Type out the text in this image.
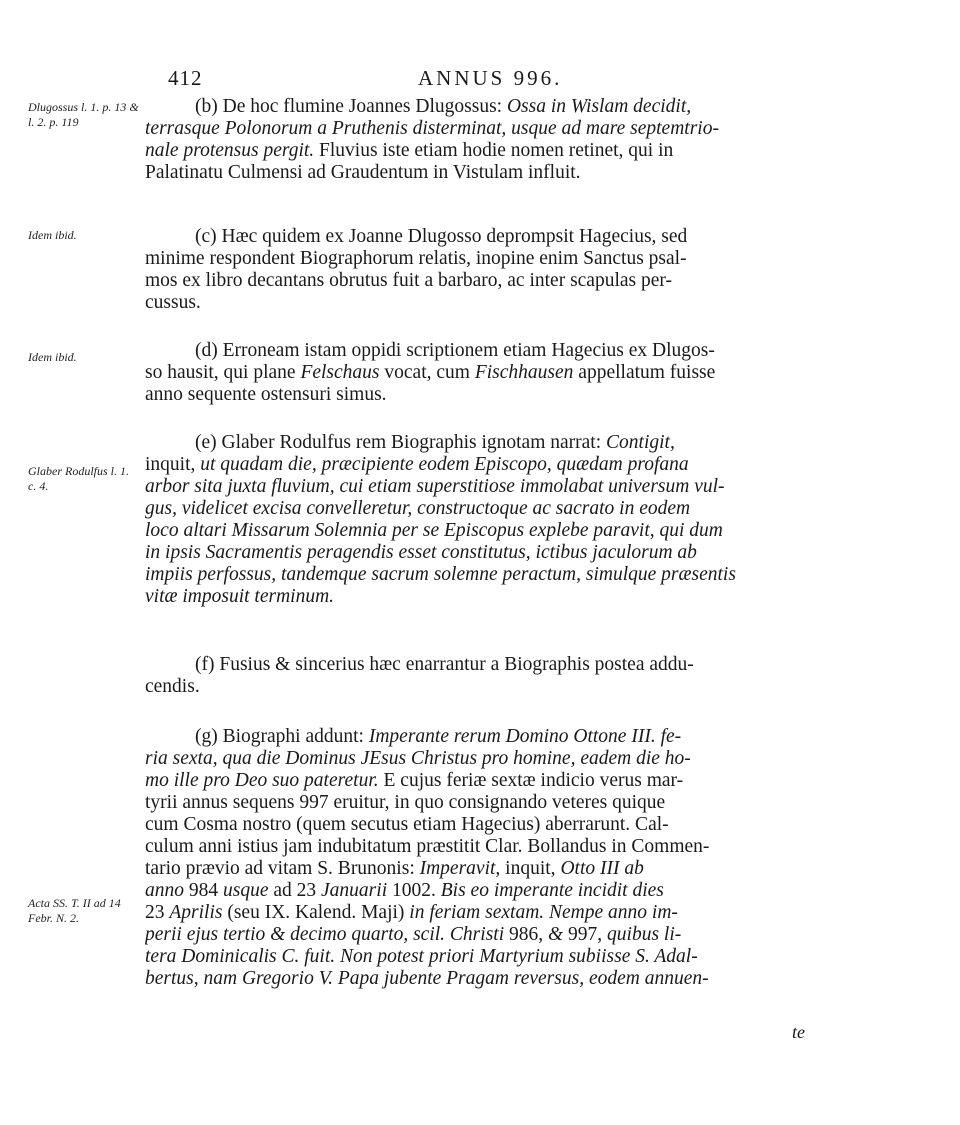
412	ANNUS 996.
Dlugossus l. 1. p. 13 & l. 2. p. 119
Idem ibid.
Idem ibid.
Glaber Rodulfus l. 1. c. 4.
Acta SS. T. II ad 14 Febr. N. 2.
(b) De hoc flumine Joannes Dlugossus: Ossa in Wislam decidit,
terrasque Polonorum a Pruthenis disterminat, usque ad mare septemtrio-
nale protensus pergit. Fluvius iste etiam hodie nomen retinet, qui in
Palatinatu Culmensi ad Graudentum in Vistulam influit.
(c) Hæc quidem ex Joanne Dlugosso deprompsit Hagecius, sed
minime respondent Biographorum relatis, inopine enim Sanctus psal-
mos ex libro decantans obrutus fuit a barbaro, ac inter scapulas per-
cussus.
(d) Erroneam istam oppidi scriptionem etiam Hagecius ex Dlugos-
so hausit, qui plane Felschaus vocat, cum Fischhausen appellatum fuisse
anno sequente ostensuri simus.
(e) Glaber Rodulfus rem Biographis ignotam narrat: Contigit,
inquit, ut quadam die, præcipiente eodem Episcopo, quædam profana
arbor sita juxta fluvium, cui etiam superstitiose immolabat universum vul-
gus, videlicet excisa convelleretur, constructoque ac sacrato in eodem
loco altari Missarum Solemnia per se Episcopus explebe paravit, qui dum
in ipsis Sacramentis peragendis esset constitutus, ictibus jaculorum ab
impiis perfossus, tandemque sacrum solemne peractum, simulque præsentis
vitæ imposuit terminum.
(f) Fusius & sincerius hæc enarrantur a Biographis postea addu-
cendis.
(g) Biographi addunt: Imperante rerum Domino Ottone III. fe-
ria sexta, qua die Dominus JEsus Christus pro homine, eadem die ho-
mo ille pro Deo suo pateretur. E cujus feriæ sextæ indicio verus mar-
tyrii annus sequens 997 eruitur, in quo consignando veteres quique
cum Cosma nostro (quem secutus etiam Hagecius) aberrarunt. Cal-
culum anni istius jam indubitatum præstitit Clar. Bollandus in Commen-
tario prævio ad vitam S. Brunonis: Imperavit, inquit, Otto III ab
anno 984 usque ad 23 Januarii 1002. Bis eo imperante incidit dies
23 Aprilis (seu IX. Kalend. Maji) in feriam sextam. Nempe anno im-
perii ejus tertio & decimo quarto, scil. Christi 986, & 997, quibus li-
tera Dominicalis C. fuit. Non potest priori Martyrium subiisse S. Adal-
bertus, nam Gregorio V. Papa jubente Pragam reversus, eodem annuen-
te
